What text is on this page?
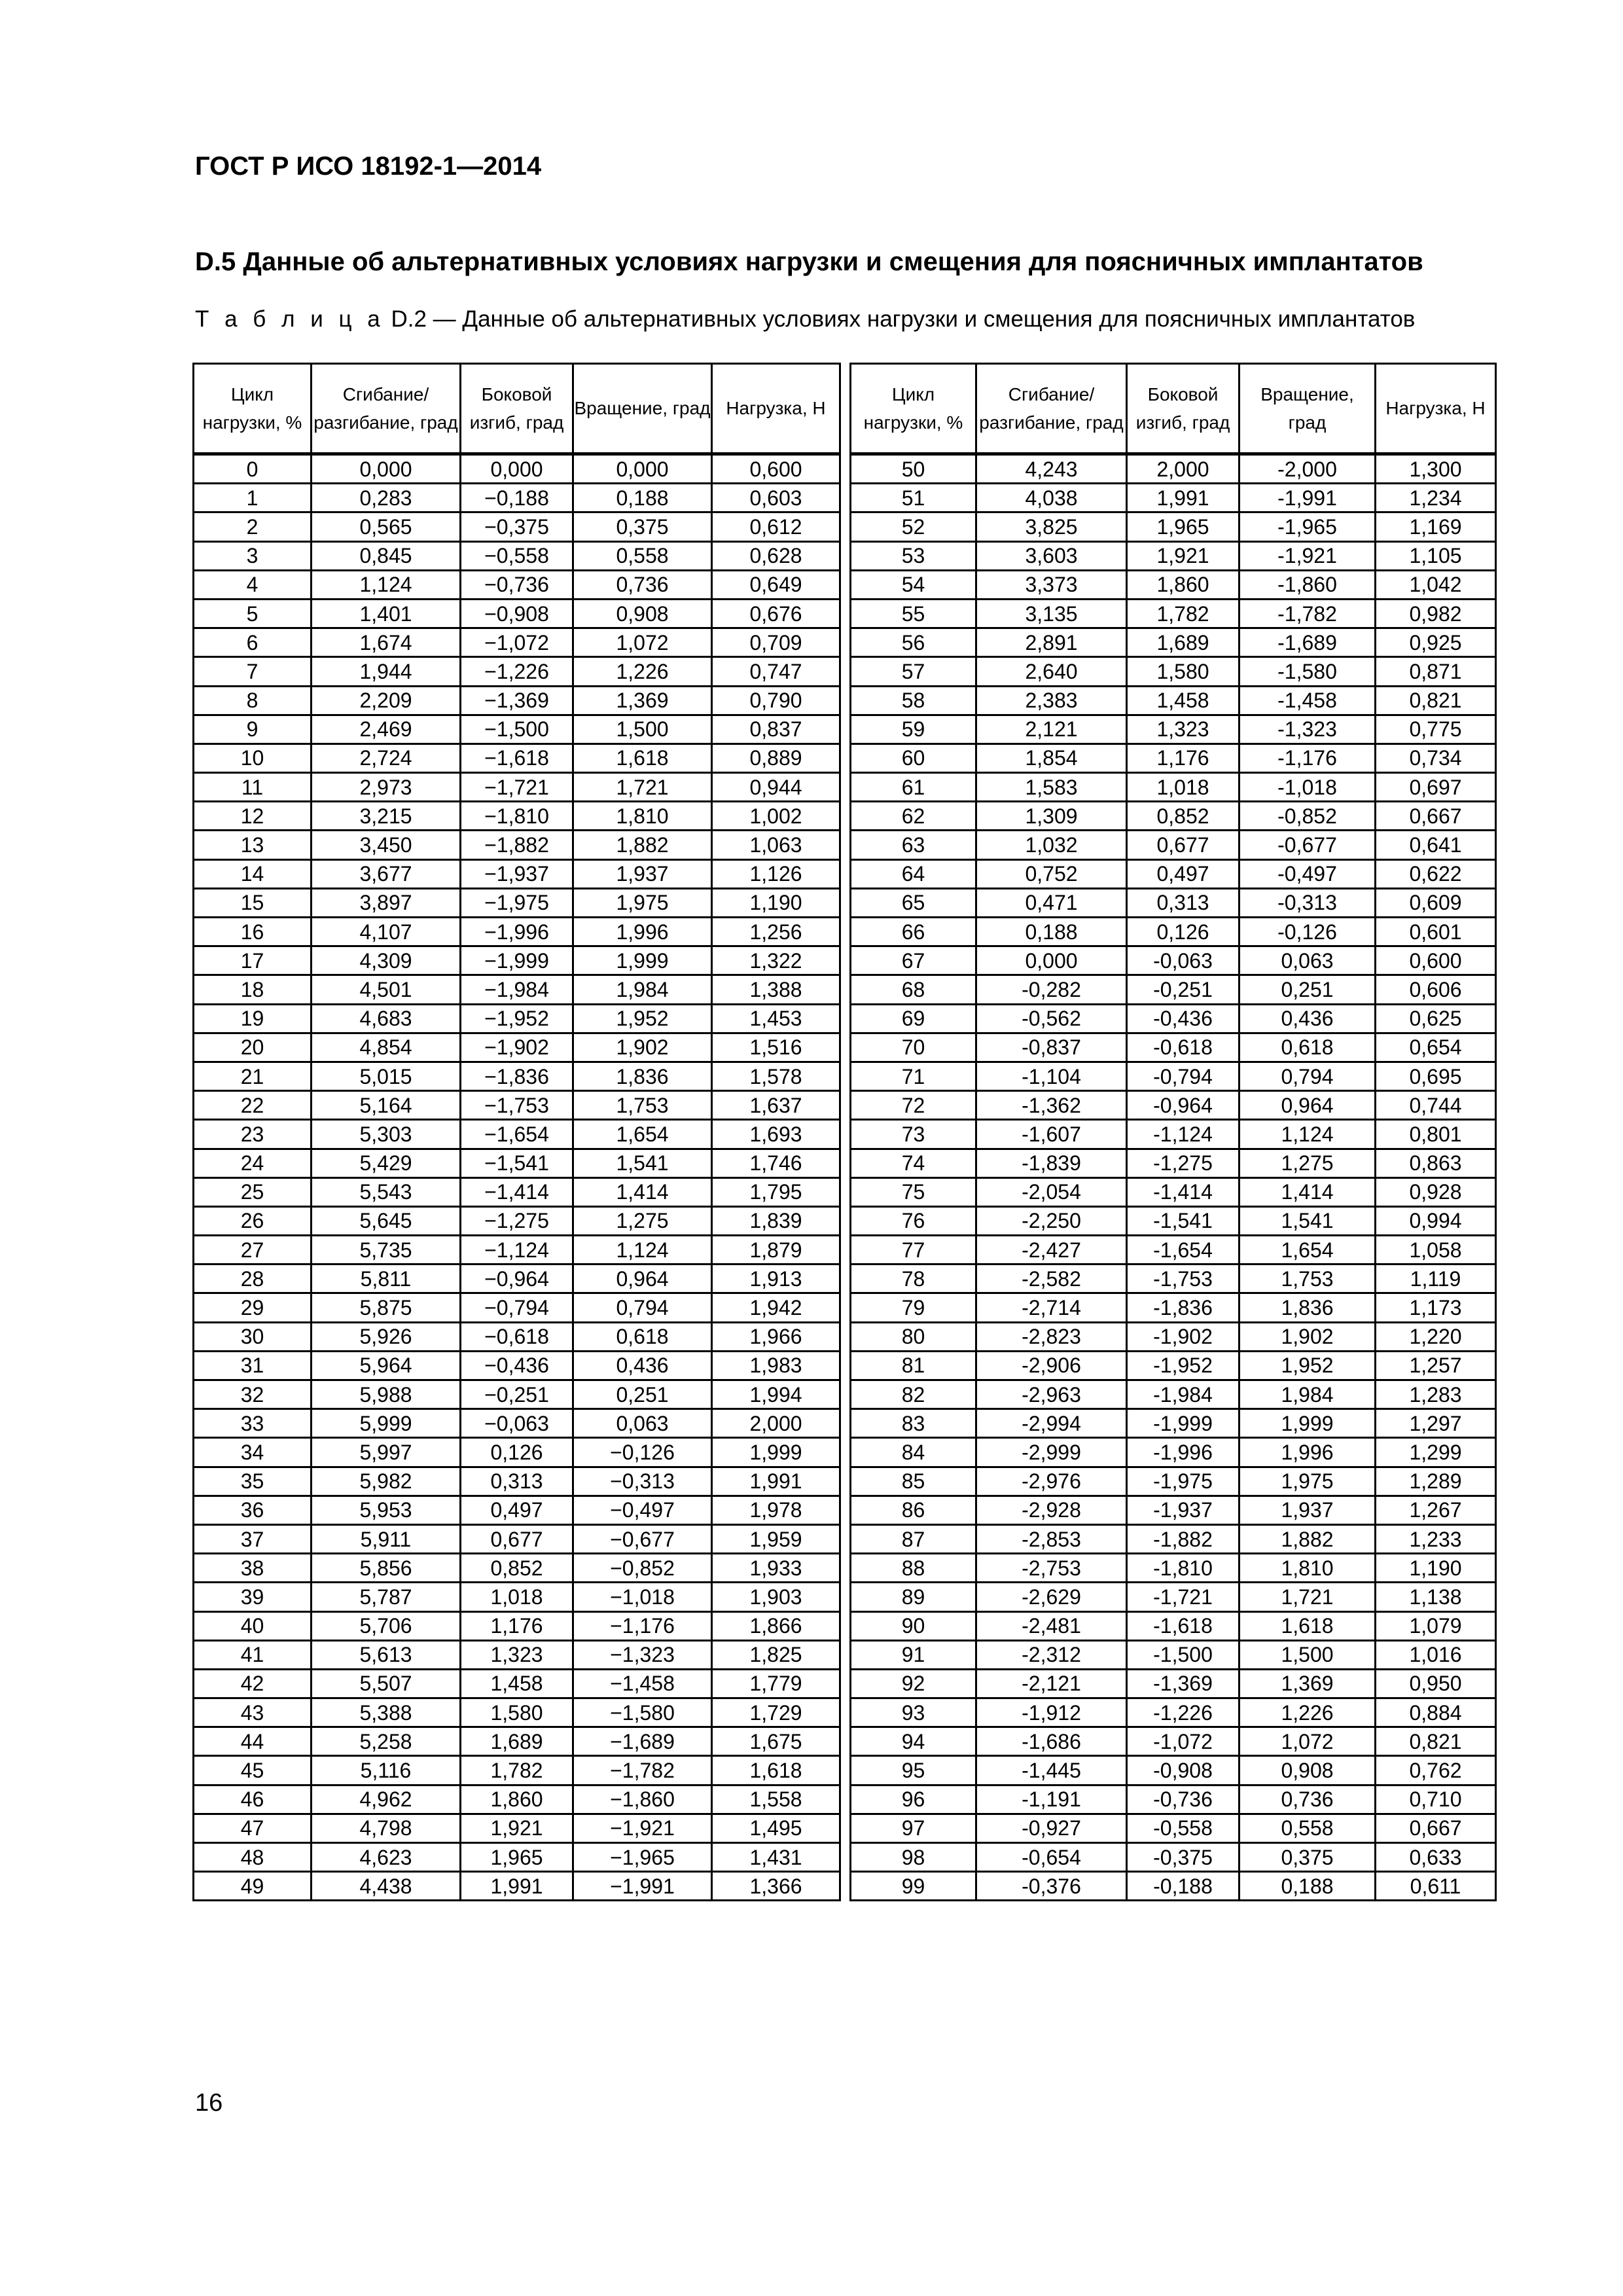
ГОСТ Р ИСО 18192-1—2014
D.5 Данные об альтернативных условиях нагрузки и смещения для поясничных имплантатов
Т а б л и ц а D.2 — Данные об альтернативных условиях нагрузки и смещения для поясничных имплантатов
Цикл нагрузки, %	Сгибание/ разгибание, град	Боковой изгиб, град	Вращение, град	Нагрузка, Н		Цикл нагрузки, %	Сгибание/ разгибание, град	Боковой изгиб, град	Вращение, град	Нагрузка, Н
0	0,000	0,000	0,000	0,600		50	4,243	2,000	-2,000	1,300
1	0,283	−0,188	0,188	0,603		51	4,038	1,991	-1,991	1,234
2	0,565	−0,375	0,375	0,612		52	3,825	1,965	-1,965	1,169
3	0,845	−0,558	0,558	0,628		53	3,603	1,921	-1,921	1,105
4	1,124	−0,736	0,736	0,649		54	3,373	1,860	-1,860	1,042
5	1,401	−0,908	0,908	0,676		55	3,135	1,782	-1,782	0,982
6	1,674	−1,072	1,072	0,709		56	2,891	1,689	-1,689	0,925
7	1,944	−1,226	1,226	0,747		57	2,640	1,580	-1,580	0,871
8	2,209	−1,369	1,369	0,790		58	2,383	1,458	-1,458	0,821
9	2,469	−1,500	1,500	0,837		59	2,121	1,323	-1,323	0,775
10	2,724	−1,618	1,618	0,889		60	1,854	1,176	-1,176	0,734
11	2,973	−1,721	1,721	0,944		61	1,583	1,018	-1,018	0,697
12	3,215	−1,810	1,810	1,002		62	1,309	0,852	-0,852	0,667
13	3,450	−1,882	1,882	1,063		63	1,032	0,677	-0,677	0,641
14	3,677	−1,937	1,937	1,126		64	0,752	0,497	-0,497	0,622
15	3,897	−1,975	1,975	1,190		65	0,471	0,313	-0,313	0,609
16	4,107	−1,996	1,996	1,256		66	0,188	0,126	-0,126	0,601
17	4,309	−1,999	1,999	1,322		67	0,000	-0,063	0,063	0,600
18	4,501	−1,984	1,984	1,388		68	-0,282	-0,251	0,251	0,606
19	4,683	−1,952	1,952	1,453		69	-0,562	-0,436	0,436	0,625
20	4,854	−1,902	1,902	1,516		70	-0,837	-0,618	0,618	0,654
21	5,015	−1,836	1,836	1,578		71	-1,104	-0,794	0,794	0,695
22	5,164	−1,753	1,753	1,637		72	-1,362	-0,964	0,964	0,744
23	5,303	−1,654	1,654	1,693		73	-1,607	-1,124	1,124	0,801
24	5,429	−1,541	1,541	1,746		74	-1,839	-1,275	1,275	0,863
25	5,543	−1,414	1,414	1,795		75	-2,054	-1,414	1,414	0,928
26	5,645	−1,275	1,275	1,839		76	-2,250	-1,541	1,541	0,994
27	5,735	−1,124	1,124	1,879		77	-2,427	-1,654	1,654	1,058
28	5,811	−0,964	0,964	1,913		78	-2,582	-1,753	1,753	1,119
29	5,875	−0,794	0,794	1,942		79	-2,714	-1,836	1,836	1,173
30	5,926	−0,618	0,618	1,966		80	-2,823	-1,902	1,902	1,220
31	5,964	−0,436	0,436	1,983		81	-2,906	-1,952	1,952	1,257
32	5,988	−0,251	0,251	1,994		82	-2,963	-1,984	1,984	1,283
33	5,999	−0,063	0,063	2,000		83	-2,994	-1,999	1,999	1,297
34	5,997	0,126	−0,126	1,999		84	-2,999	-1,996	1,996	1,299
35	5,982	0,313	−0,313	1,991		85	-2,976	-1,975	1,975	1,289
36	5,953	0,497	−0,497	1,978		86	-2,928	-1,937	1,937	1,267
37	5,911	0,677	−0,677	1,959		87	-2,853	-1,882	1,882	1,233
38	5,856	0,852	−0,852	1,933		88	-2,753	-1,810	1,810	1,190
39	5,787	1,018	−1,018	1,903		89	-2,629	-1,721	1,721	1,138
40	5,706	1,176	−1,176	1,866		90	-2,481	-1,618	1,618	1,079
41	5,613	1,323	−1,323	1,825		91	-2,312	-1,500	1,500	1,016
42	5,507	1,458	−1,458	1,779		92	-2,121	-1,369	1,369	0,950
43	5,388	1,580	−1,580	1,729		93	-1,912	-1,226	1,226	0,884
44	5,258	1,689	−1,689	1,675		94	-1,686	-1,072	1,072	0,821
45	5,116	1,782	−1,782	1,618		95	-1,445	-0,908	0,908	0,762
46	4,962	1,860	−1,860	1,558		96	-1,191	-0,736	0,736	0,710
47	4,798	1,921	−1,921	1,495		97	-0,927	-0,558	0,558	0,667
48	4,623	1,965	−1,965	1,431		98	-0,654	-0,375	0,375	0,633
49	4,438	1,991	−1,991	1,366		99	-0,376	-0,188	0,188	0,611
16
